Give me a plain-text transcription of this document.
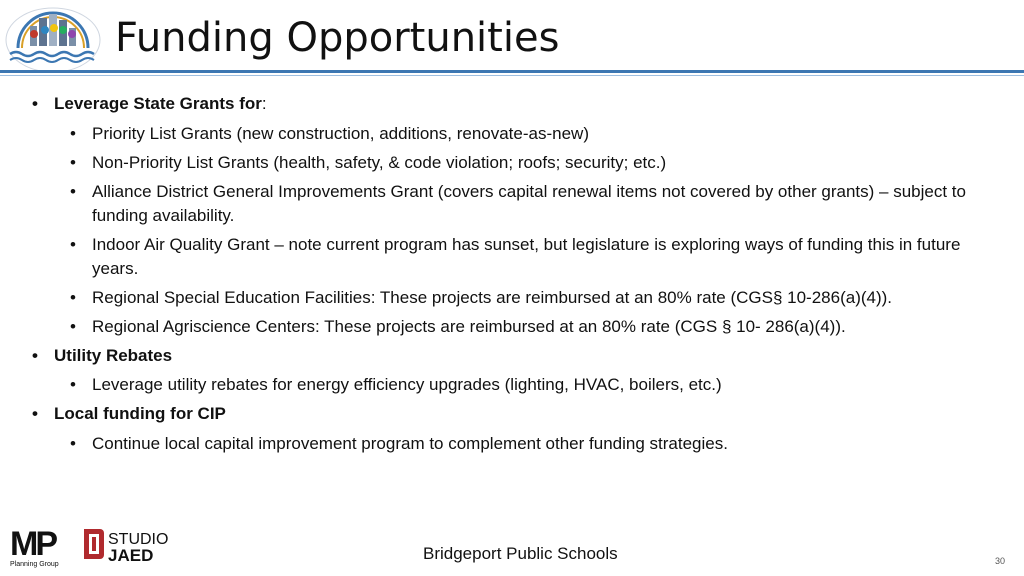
Funding Opportunities
• Leverage State Grants for:
• Priority List Grants (new construction, additions, renovate-as-new)
• Non-Priority List Grants (health, safety, & code violation; roofs; security; etc.)
• Alliance District General Improvements Grant (covers capital renewal items not covered by other grants) – subject to funding availability.
• Indoor Air Quality Grant – note current program has sunset, but legislature is exploring ways of funding this in future years.
• Regional Special Education Facilities: These projects are reimbursed at an 80% rate (CGS§ 10-286(a)(4)).
• Regional Agriscience Centers: These projects are reimbursed at an 80% rate (CGS § 10- 286(a)(4)).
• Utility Rebates
• Leverage utility rebates for energy efficiency upgrades (lighting, HVAC, boilers, etc.)
• Local funding for CIP
• Continue local capital improvement program to complement other funding strategies.
MP
Planning Group
STUDIO
JAED	Bridgeport Public Schools	30
